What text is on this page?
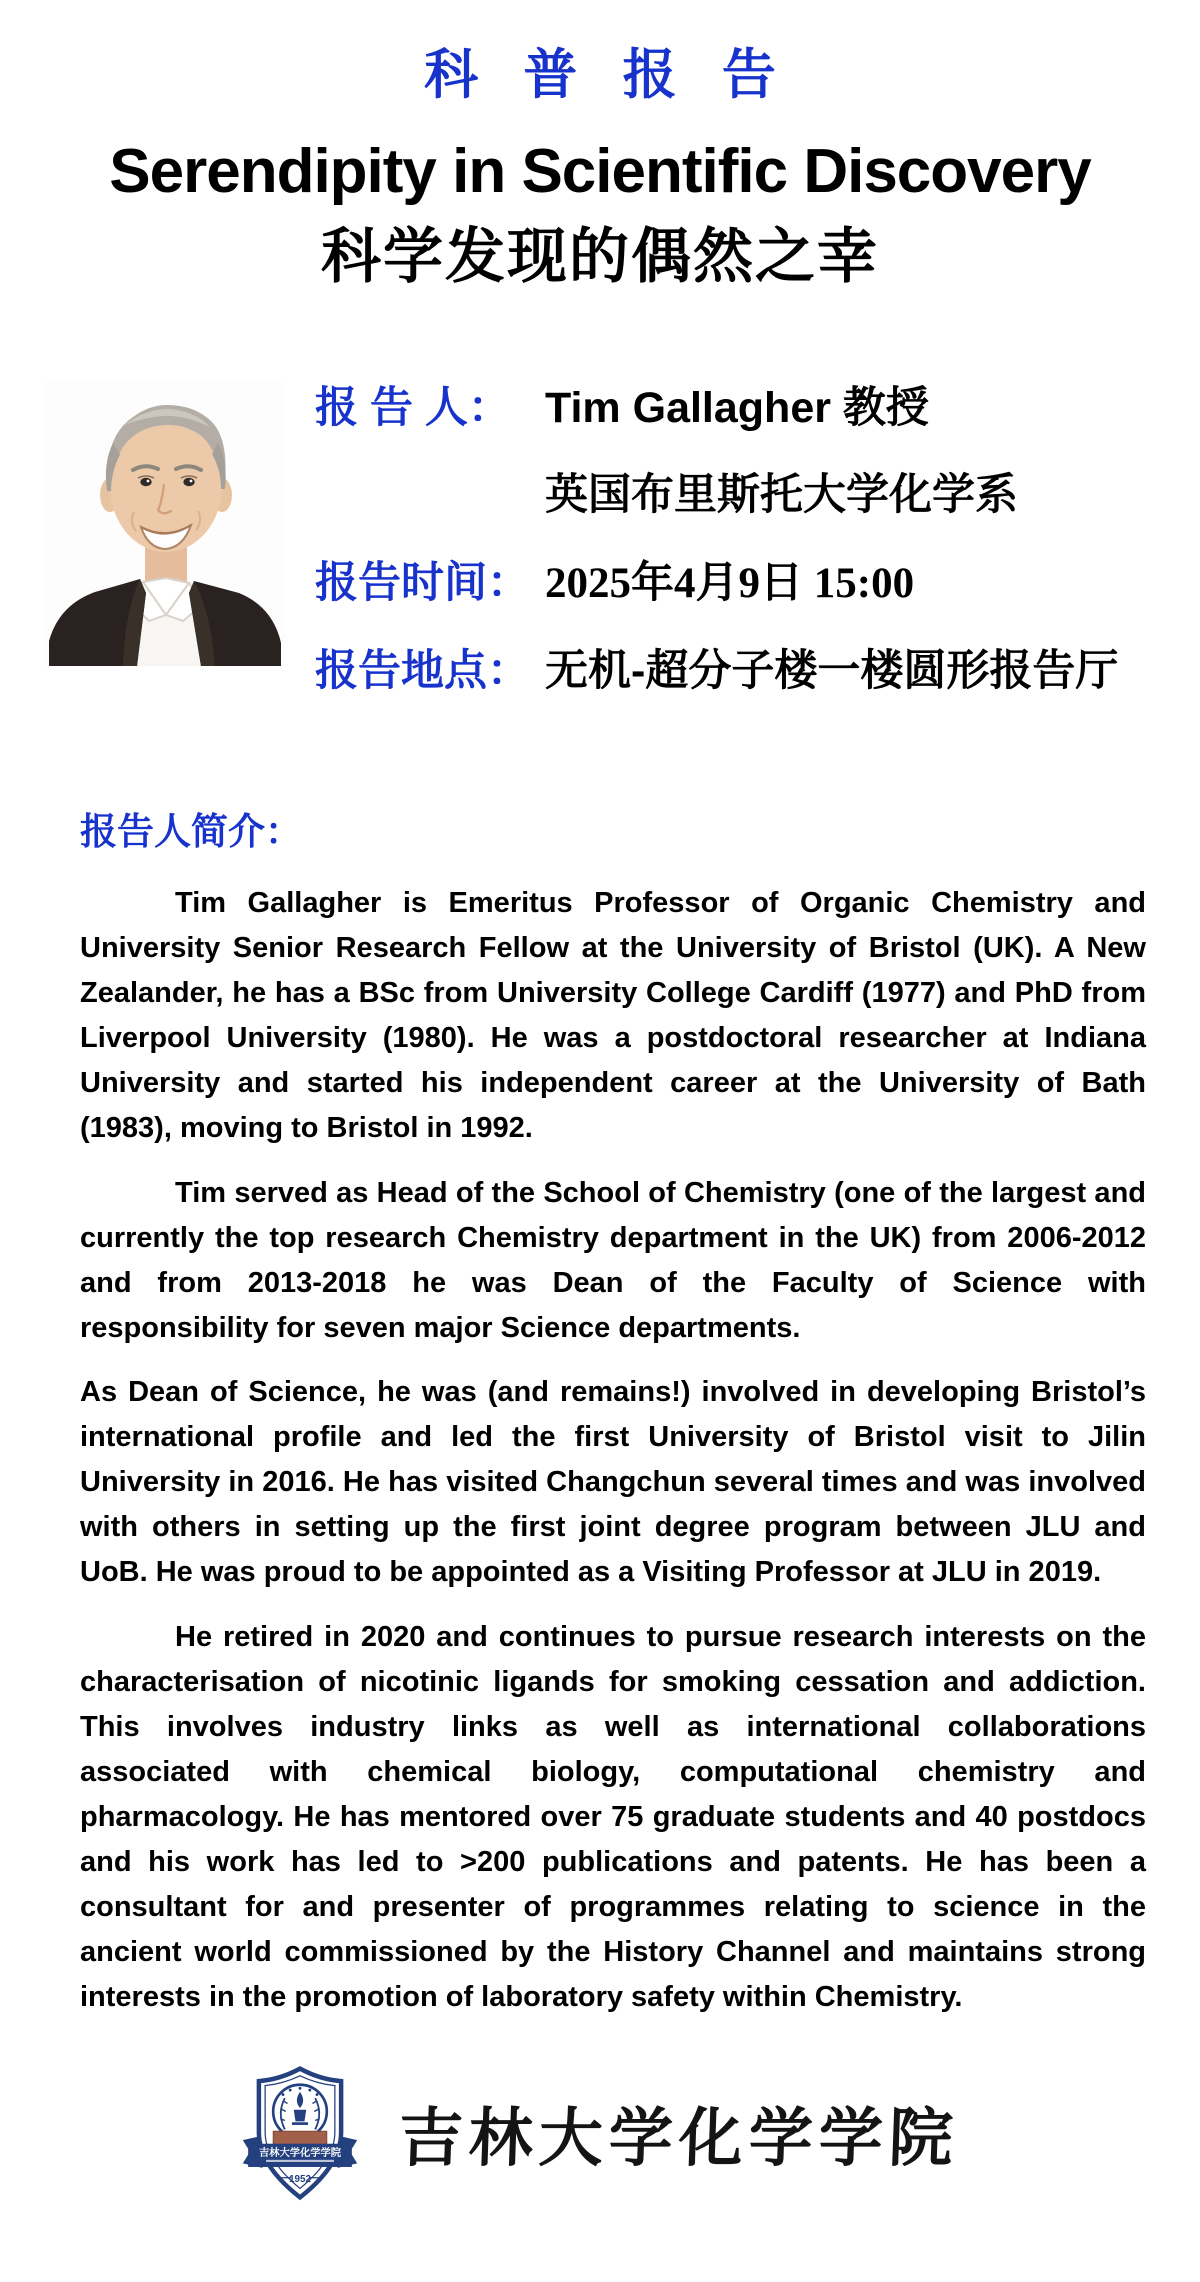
科 普 报 告
Serendipity in Scientific Discovery
科学发现的偶然之幸
报 告 人： Tim Gallagher 教授
英国布里斯托大学化学系
报告时间： 2025年4月9日 15:00
报告地点： 无机-超分子楼一楼圆形报告厅
报告人简介：

Tim Gallagher is Emeritus Professor of Organic Chemistry and University Senior Research Fellow at the University of Bristol (UK). A New Zealander, he has a BSc from University College Cardiff (1977) and PhD from Liverpool University (1980). He was a postdoctoral researcher at Indiana University and started his independent career at the University of Bath (1983), moving to Bristol in 1992.

Tim served as Head of the School of Chemistry (one of the largest and currently the top research Chemistry department in the UK) from 2006-2012 and from 2013-2018 he was Dean of the Faculty of Science with responsibility for seven major Science departments.

As Dean of Science, he was (and remains!) involved in developing Bristol’s international profile and led the first University of Bristol visit to Jilin University in 2016. He has visited Changchun several times and was involved with others in setting up the first joint degree program between JLU and UoB. He was proud to be appointed as a Visiting Professor at JLU in 2019.

He retired in 2020 and continues to pursue research interests on the characterisation of nicotinic ligands for smoking cessation and addiction. This involves industry links as well as international collaborations associated with chemical biology, computational chemistry and pharmacology. He has mentored over 75 graduate students and 40 postdocs and his work has led to >200 publications and patents. He has been a consultant for and presenter of programmes relating to science in the ancient world commissioned by the History Channel and maintains strong interests in the promotion of laboratory safety within Chemistry.

吉林大学化学学院
1952
吉林大学化学学院
